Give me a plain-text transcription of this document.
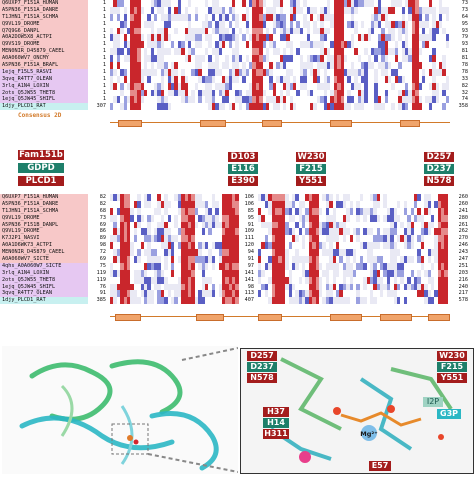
Q6UXP7_F151A_HUMAN
A5PN36_F151A_DANRE
T1JHN1_F151A_SCHMA
Q9VL19_DROME
Q7Q9G6_DANPL
A0A2DOW5X8_ACTPI
Q9VS19_DROME
MEN0NIR_D45879_CAEEL
A0A060WV7_ONCMY
A5PN36_F151A_BRAFL
1ejq_F15L5_RASVI
3qvq_R4TT7_OLEAN
3rlq_A1N4_LOXIN
2ots_Q5JW55_THET8
1ejq_Q5JW45_SHIFL
1djy_PLCD1_RAT
1
1
1
1
1
1
1
1
1
1
1
1
1
1
1
307
73
73
64
95
93
79
93
81
81
78
78
33
82
32
74
358
Consensus 2D
Fam151b
GDPD
PLCD1
D103
E116
E390
W230
F215
Y551
D257
D237
N578
Q6UXP7_F151A_HUMAN
A5PN36_F151A_DANRE
T1JHN1_F151A_SCHMA
Q9VL19_DROME
A5PN36_F151B_DANPL
Q9VL19_DROME
K7J2P1_NASVI
A0A1D6WK73_ACTPI
MEN0NIR_D45879_CAEEL
A0A060WV7_SICTE
4qhs_A0A060W7_SICTE
3rlq_A1N4_LOXIN
2ots_Q5JW55_THET8
1ejq_Q5JW45_SHIFL
3qvq_R4TT7_OLEAN
1djy_PLCD1_RAT
82
82
68
73
69
86
89
98
72
69
75
119
119
76
91
385
106
106
85
95
91
109
111
120
94
91
97
141
141
98
113
407
260
260
241
280
261
262
270
246
243
247
251
203
216
240
217
578
D257
D237
N578
W230
F215
Y551
H37
H14
H311
I2P
G3P
Mg²⁺
E57
